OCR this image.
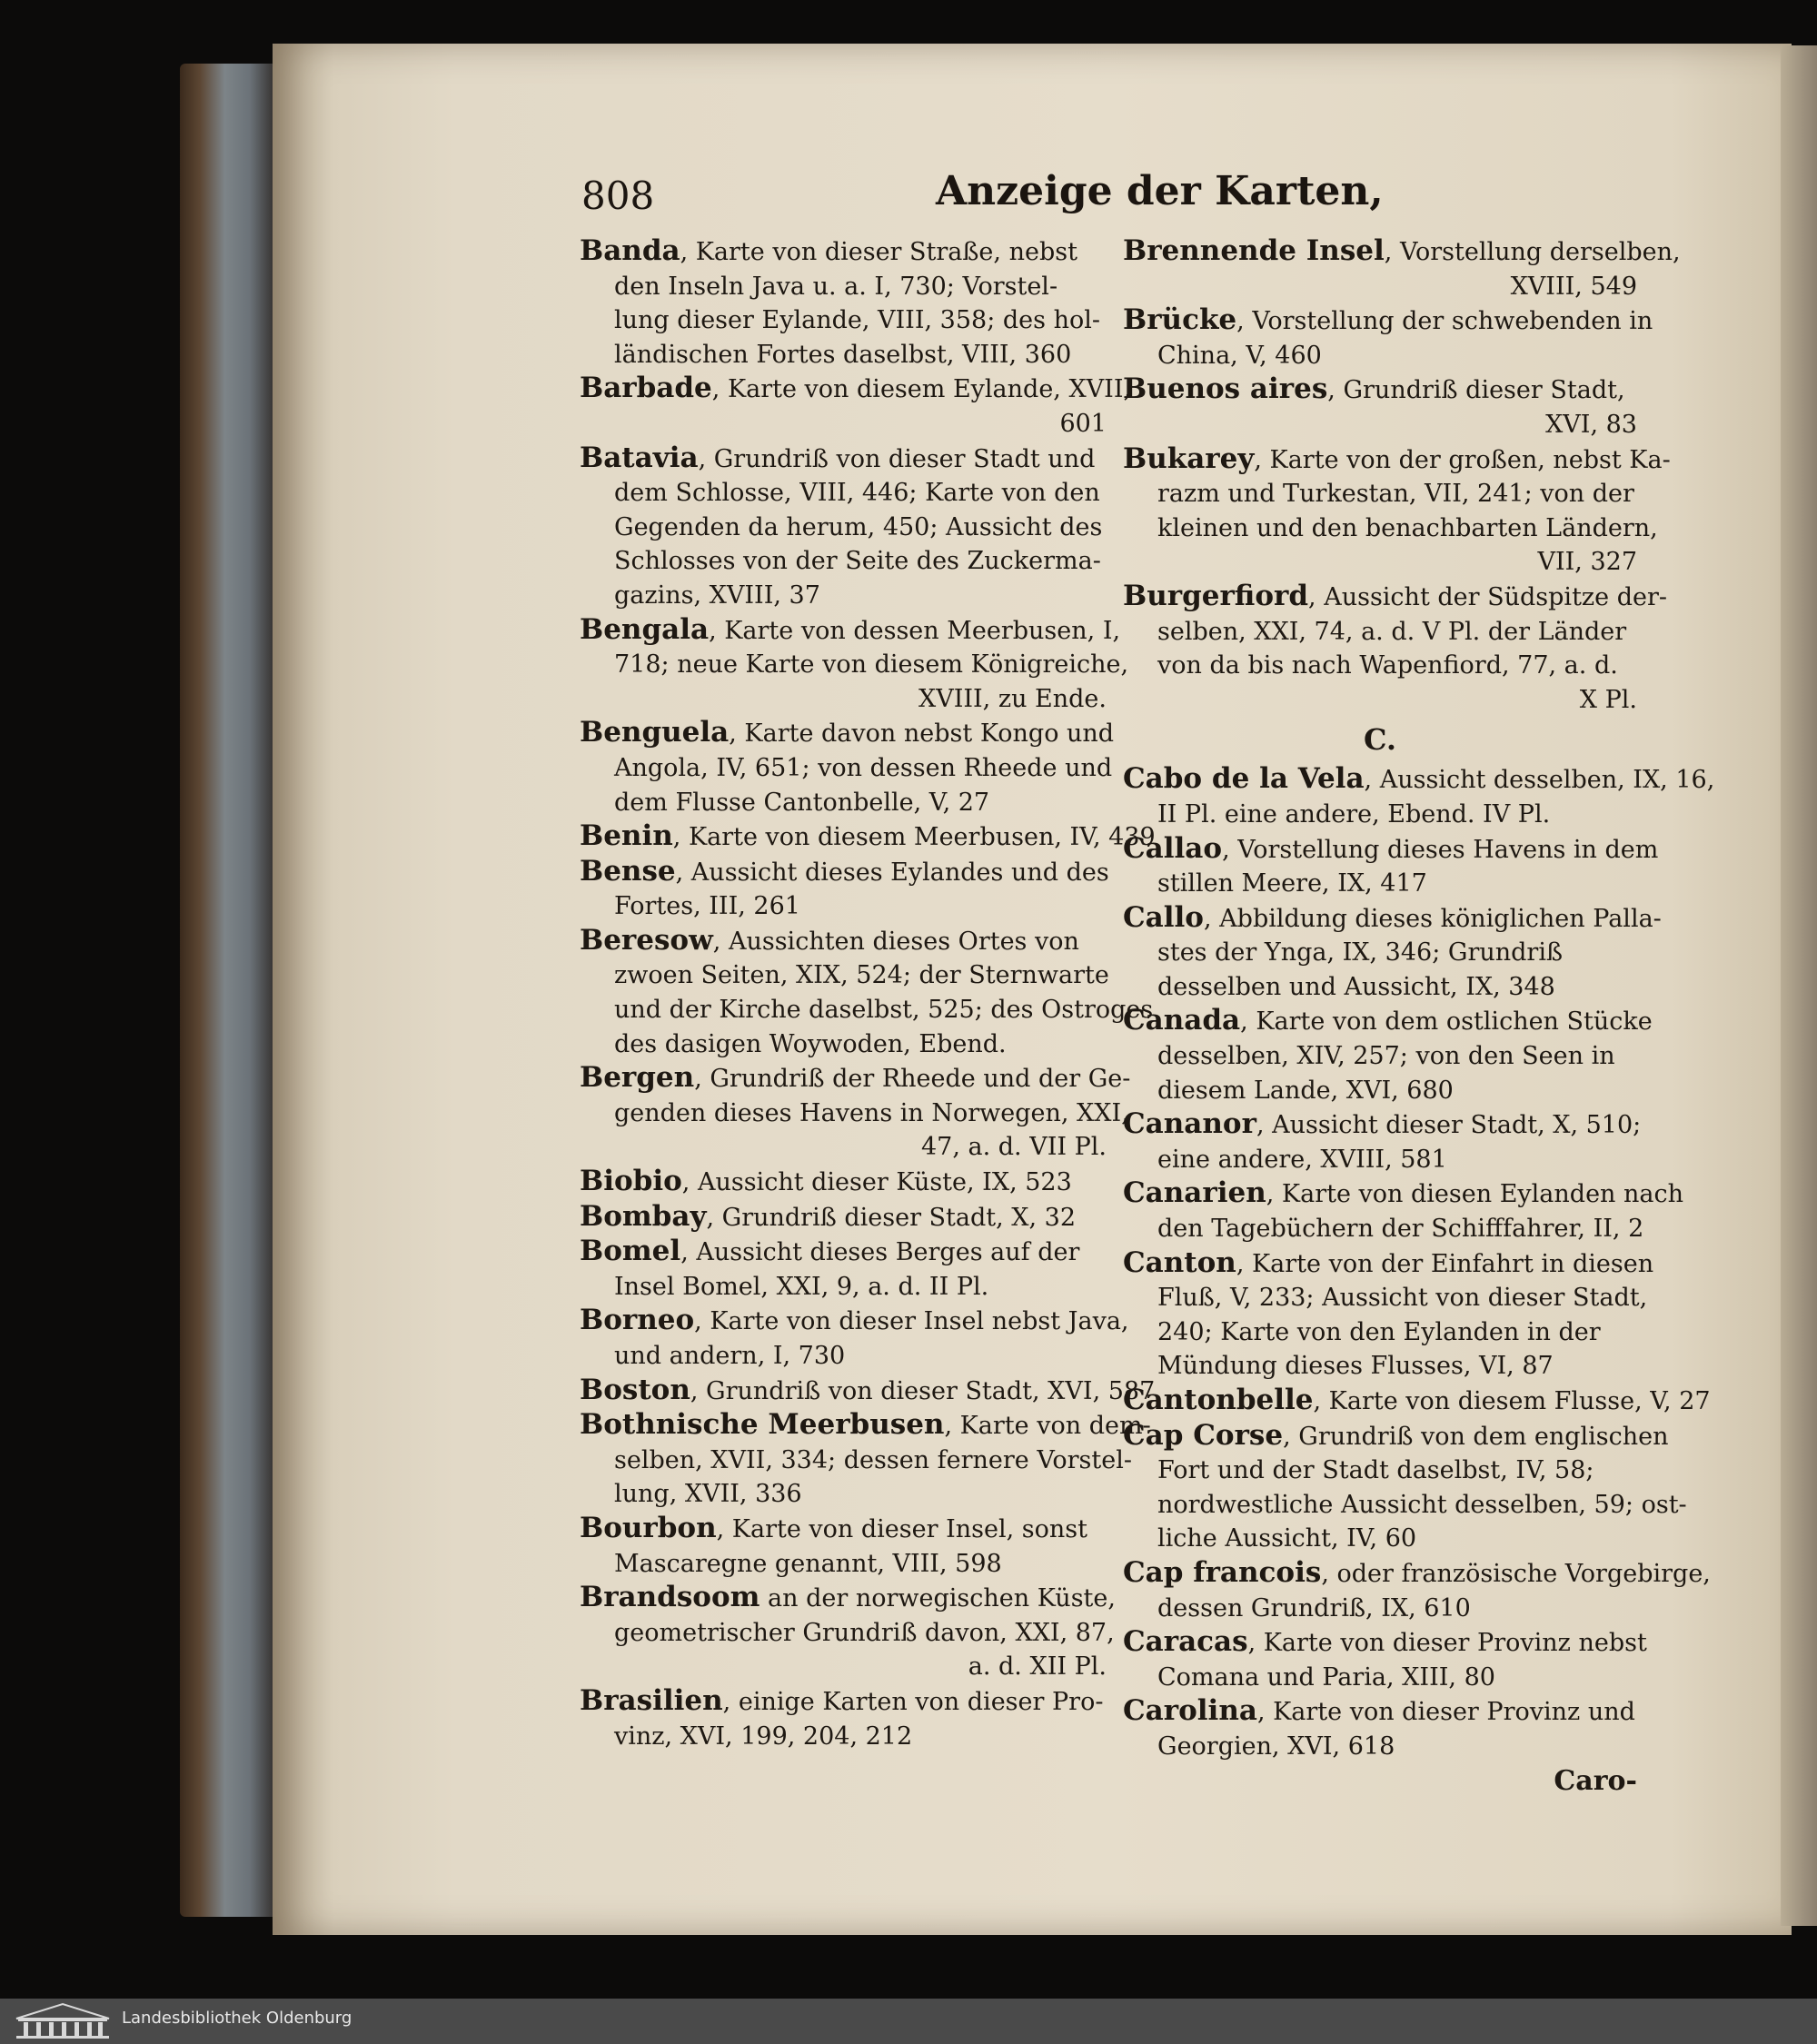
808	Anzeige der Karten,
Banda, Karte von dieser Straße, nebst
den Inseln Java u. a. I, 730; Vorstel-
lung dieser Eylande, VIII, 358; des hol-
ländischen Fortes daselbst, VIII, 360
Barbade, Karte von diesem Eylande, XVII,
601
Batavia, Grundriß von dieser Stadt und
dem Schlosse, VIII, 446; Karte von den
Gegenden da herum, 450; Aussicht des
Schlosses von der Seite des Zuckerma-
gazins, XVIII, 37
Bengala, Karte von dessen Meerbusen, I,
718; neue Karte von diesem Königreiche,
XVIII, zu Ende.
Benguela, Karte davon nebst Kongo und
Angola, IV, 651; von dessen Rheede und
dem Flusse Cantonbelle, V, 27
Benin, Karte von diesem Meerbusen, IV, 439
Bense, Aussicht dieses Eylandes und des
Fortes, III, 261
Beresow, Aussichten dieses Ortes von
zwoen Seiten, XIX, 524; der Sternwarte
und der Kirche daselbst, 525; des Ostroges
des dasigen Woywoden, Ebend.
Bergen, Grundriß der Rheede und der Ge-
genden dieses Havens in Norwegen, XXI,
47, a. d. VII Pl.
Biobio, Aussicht dieser Küste, IX, 523
Bombay, Grundriß dieser Stadt, X, 32
Bomel, Aussicht dieses Berges auf der
Insel Bomel, XXI, 9, a. d. II Pl.
Borneo, Karte von dieser Insel nebst Java,
und andern, I, 730
Boston, Grundriß von dieser Stadt, XVI, 587
Bothnische Meerbusen, Karte von dem-
selben, XVII, 334; dessen fernere Vorstel-
lung, XVII, 336
Bourbon, Karte von dieser Insel, sonst
Mascaregne genannt, VIII, 598
Brandsoom an der norwegischen Küste,
geometrischer Grundriß davon, XXI, 87,
a. d. XII Pl.
Brasilien, einige Karten von dieser Pro-
vinz, XVI, 199, 204, 212
Brennende Insel, Vorstellung derselben,
XVIII, 549
Brücke, Vorstellung der schwebenden in
China, V, 460
Buenos aires, Grundriß dieser Stadt,
XVI, 83
Bukarey, Karte von der großen, nebst Ka-
razm und Turkestan, VII, 241; von der
kleinen und den benachbarten Ländern,
VII, 327
Burgerfiord, Aussicht der Südspitze der-
selben, XXI, 74, a. d. V Pl. der Länder
von da bis nach Wapenfiord, 77, a. d.
X Pl.
C.
Cabo de la Vela, Aussicht desselben, IX, 16,
II Pl. eine andere, Ebend. IV Pl.
Callao, Vorstellung dieses Havens in dem
stillen Meere, IX, 417
Callo, Abbildung dieses königlichen Palla-
stes der Ynga, IX, 346; Grundriß
desselben und Aussicht, IX, 348
Canada, Karte von dem ostlichen Stücke
desselben, XIV, 257; von den Seen in
diesem Lande, XVI, 680
Cananor, Aussicht dieser Stadt, X, 510;
eine andere, XVIII, 581
Canarien, Karte von diesen Eylanden nach
den Tagebüchern der Schifffahrer, II, 2
Canton, Karte von der Einfahrt in diesen
Fluß, V, 233; Aussicht von dieser Stadt,
240; Karte von den Eylanden in der
Mündung dieses Flusses, VI, 87
Cantonbelle, Karte von diesem Flusse, V, 27
Cap Corse, Grundriß von dem englischen
Fort und der Stadt daselbst, IV, 58;
nordwestliche Aussicht desselben, 59; ost-
liche Aussicht, IV, 60
Cap francois, oder französische Vorgebirge,
dessen Grundriß, IX, 610
Caracas, Karte von dieser Provinz nebst
Comana und Paria, XIII, 80
Carolina, Karte von dieser Provinz und
Georgien, XVI, 618
Caro-
Landesbibliothek Oldenburg
